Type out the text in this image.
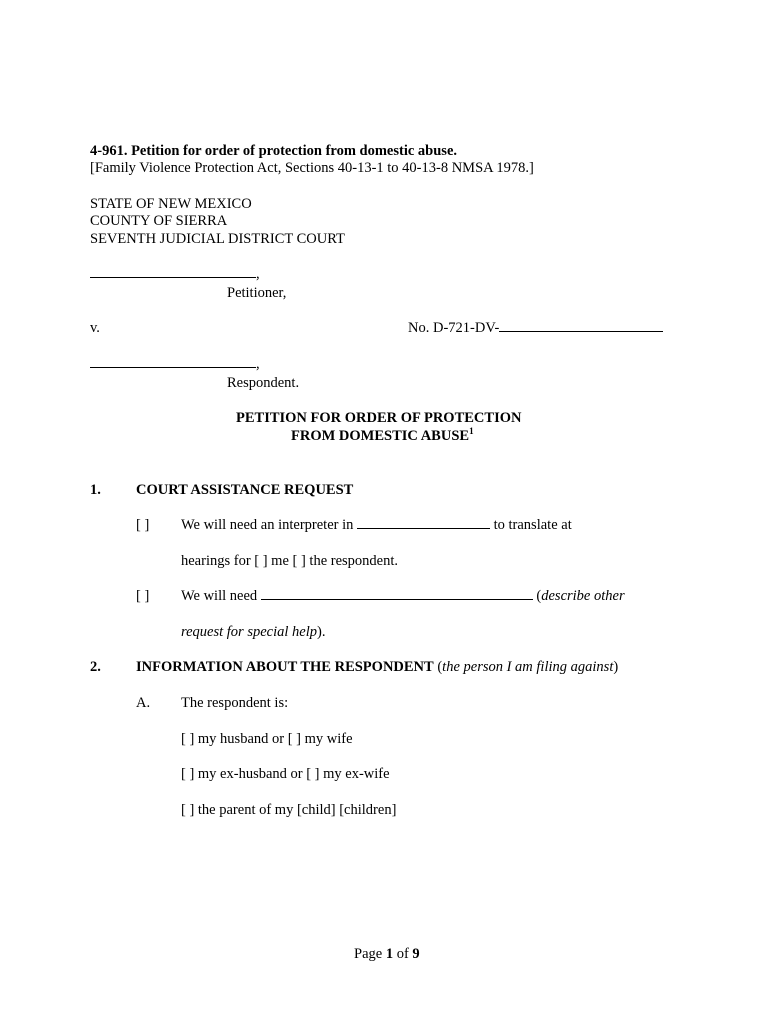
4-961. Petition for order of protection from domestic abuse.
[Family Violence Protection Act, Sections 40-13-1 to 40-13-8 NMSA 1978.]
STATE OF NEW MEXICO
COUNTY OF SIERRA
SEVENTH JUDICIAL DISTRICT COURT
,
Petitioner,
v.	No. D-721-DV-
,
Respondent.
PETITION FOR ORDER OF PROTECTION
FROM DOMESTIC ABUSE$^1$
1. COURT ASSISTANCE REQUEST
[ ] We will need an interpreter in	to translate at
hearings for [ ] me [ ] the respondent.
[ ] We will need	(describe other
request for special help).
2. INFORMATION ABOUT THE RESPONDENT (the person I am filing against)
A. The respondent is:
[ ] my husband or [ ] my wife
[ ] my ex-husband or [ ] my ex-wife
[ ] the parent of my [child] [children]
Page 1 of 9
